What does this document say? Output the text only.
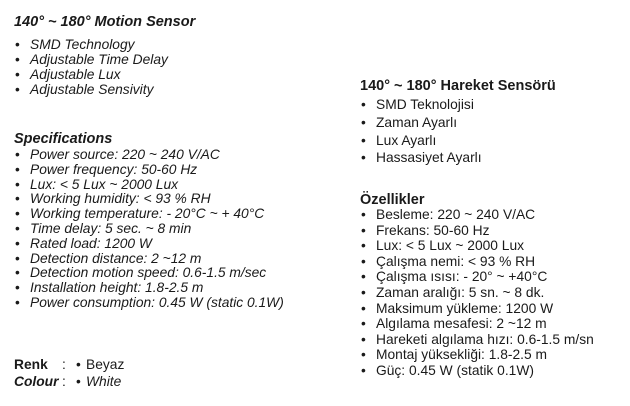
140° ~ 180° Motion Sensor
• SMD Technology
• Adjustable Time Delay
• Adjustable Lux
• Adjustable Sensivity
Specifications
• Power source: 220 ~ 240 V/AC
• Power frequency: 50-60 Hz
• Lux: < 5 Lux ~ 2000 Lux
• Working humidity: < 93 % RH
• Working temperature: - 20°C ~ + 40°C
• Time delay: 5 sec. ~ 8 min
• Rated load: 1200 W
• Detection distance: 2 ~12 m
• Detection motion speed: 0.6-1.5 m/sec
• Installation height: 1.8-2.5 m
• Power consumption: 0.45 W (static 0.1W)
140° ~ 180° Hareket Sensörü
• SMD Teknolojisi
• Zaman Ayarlı
• Lux Ayarlı
• Hassasiyet Ayarlı
Özellikler
• Besleme: 220 ~ 240 V/AC
• Frekans: 50-60 Hz
• Lux: < 5 Lux ~ 2000 Lux
• Çalışma nemi: < 93 % RH
• Çalışma ısısı: - 20° ~ +40°C
• Zaman aralığı: 5 sn. ~ 8 dk.
• Maksimum yükleme: 1200 W
• Algılama mesafesi: 2 ~12 m
• Hareketi algılama hızı: 0.6-1.5 m/sn
• Montaj yüksekliği: 1.8-2.5 m
• Güç: 0.45 W (statik 0.1W)
Renk	: • Beyaz
Colour : • White
